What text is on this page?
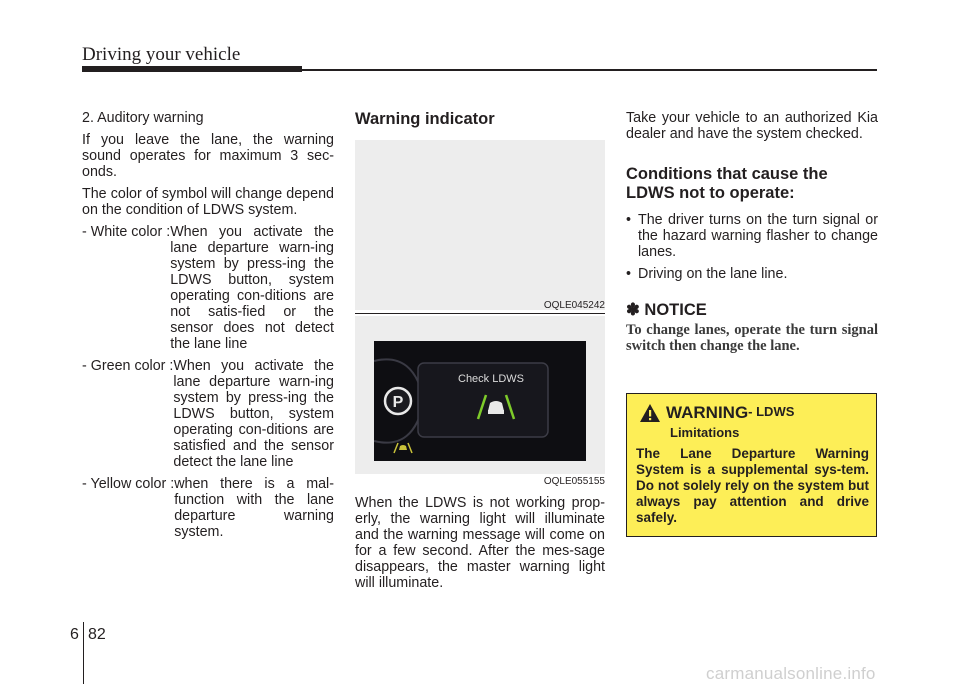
Driving your vehicle

2. Auditory warning

If you leave the lane, the warning sound operates for maximum 3 sec-onds.

The color of symbol will change depend on the condition of LDWS system.

- White color : When you activate the lane departure warn-ing system by press-ing the LDWS button, system operating con-ditions are not satis-fied or the sensor does not detect the lane line
- Green color : When you activate the lane departure warn-ing system by press-ing the LDWS button, system operating con-ditions are satisfied and the sensor detect the lane line
- Yellow color : when there is a mal-function with the lane departure warning system.

Warning indicator

OQLE045242
P
Check LDWS
OQLE055155

When the LDWS is not working prop-erly, the warning light will illuminate and the warning message will come on for a few second. After the mes-sage disappears, the master warning light will illuminate.

Take your vehicle to an authorized Kia dealer and have the system checked.

Conditions that cause the LDWS not to operate:

• The driver turns on the turn signal or the hazard warning flasher to change lanes.
• Driving on the lane line.

✽ NOTICE

To change lanes, operate the turn signal switch then change the lane.

WARNING - LDWS
Limitations

The Lane Departure Warning System is a supplemental sys-tem. Do not solely rely on the system but always pay attention and drive safely.

6 82
carmanualsonline.info
